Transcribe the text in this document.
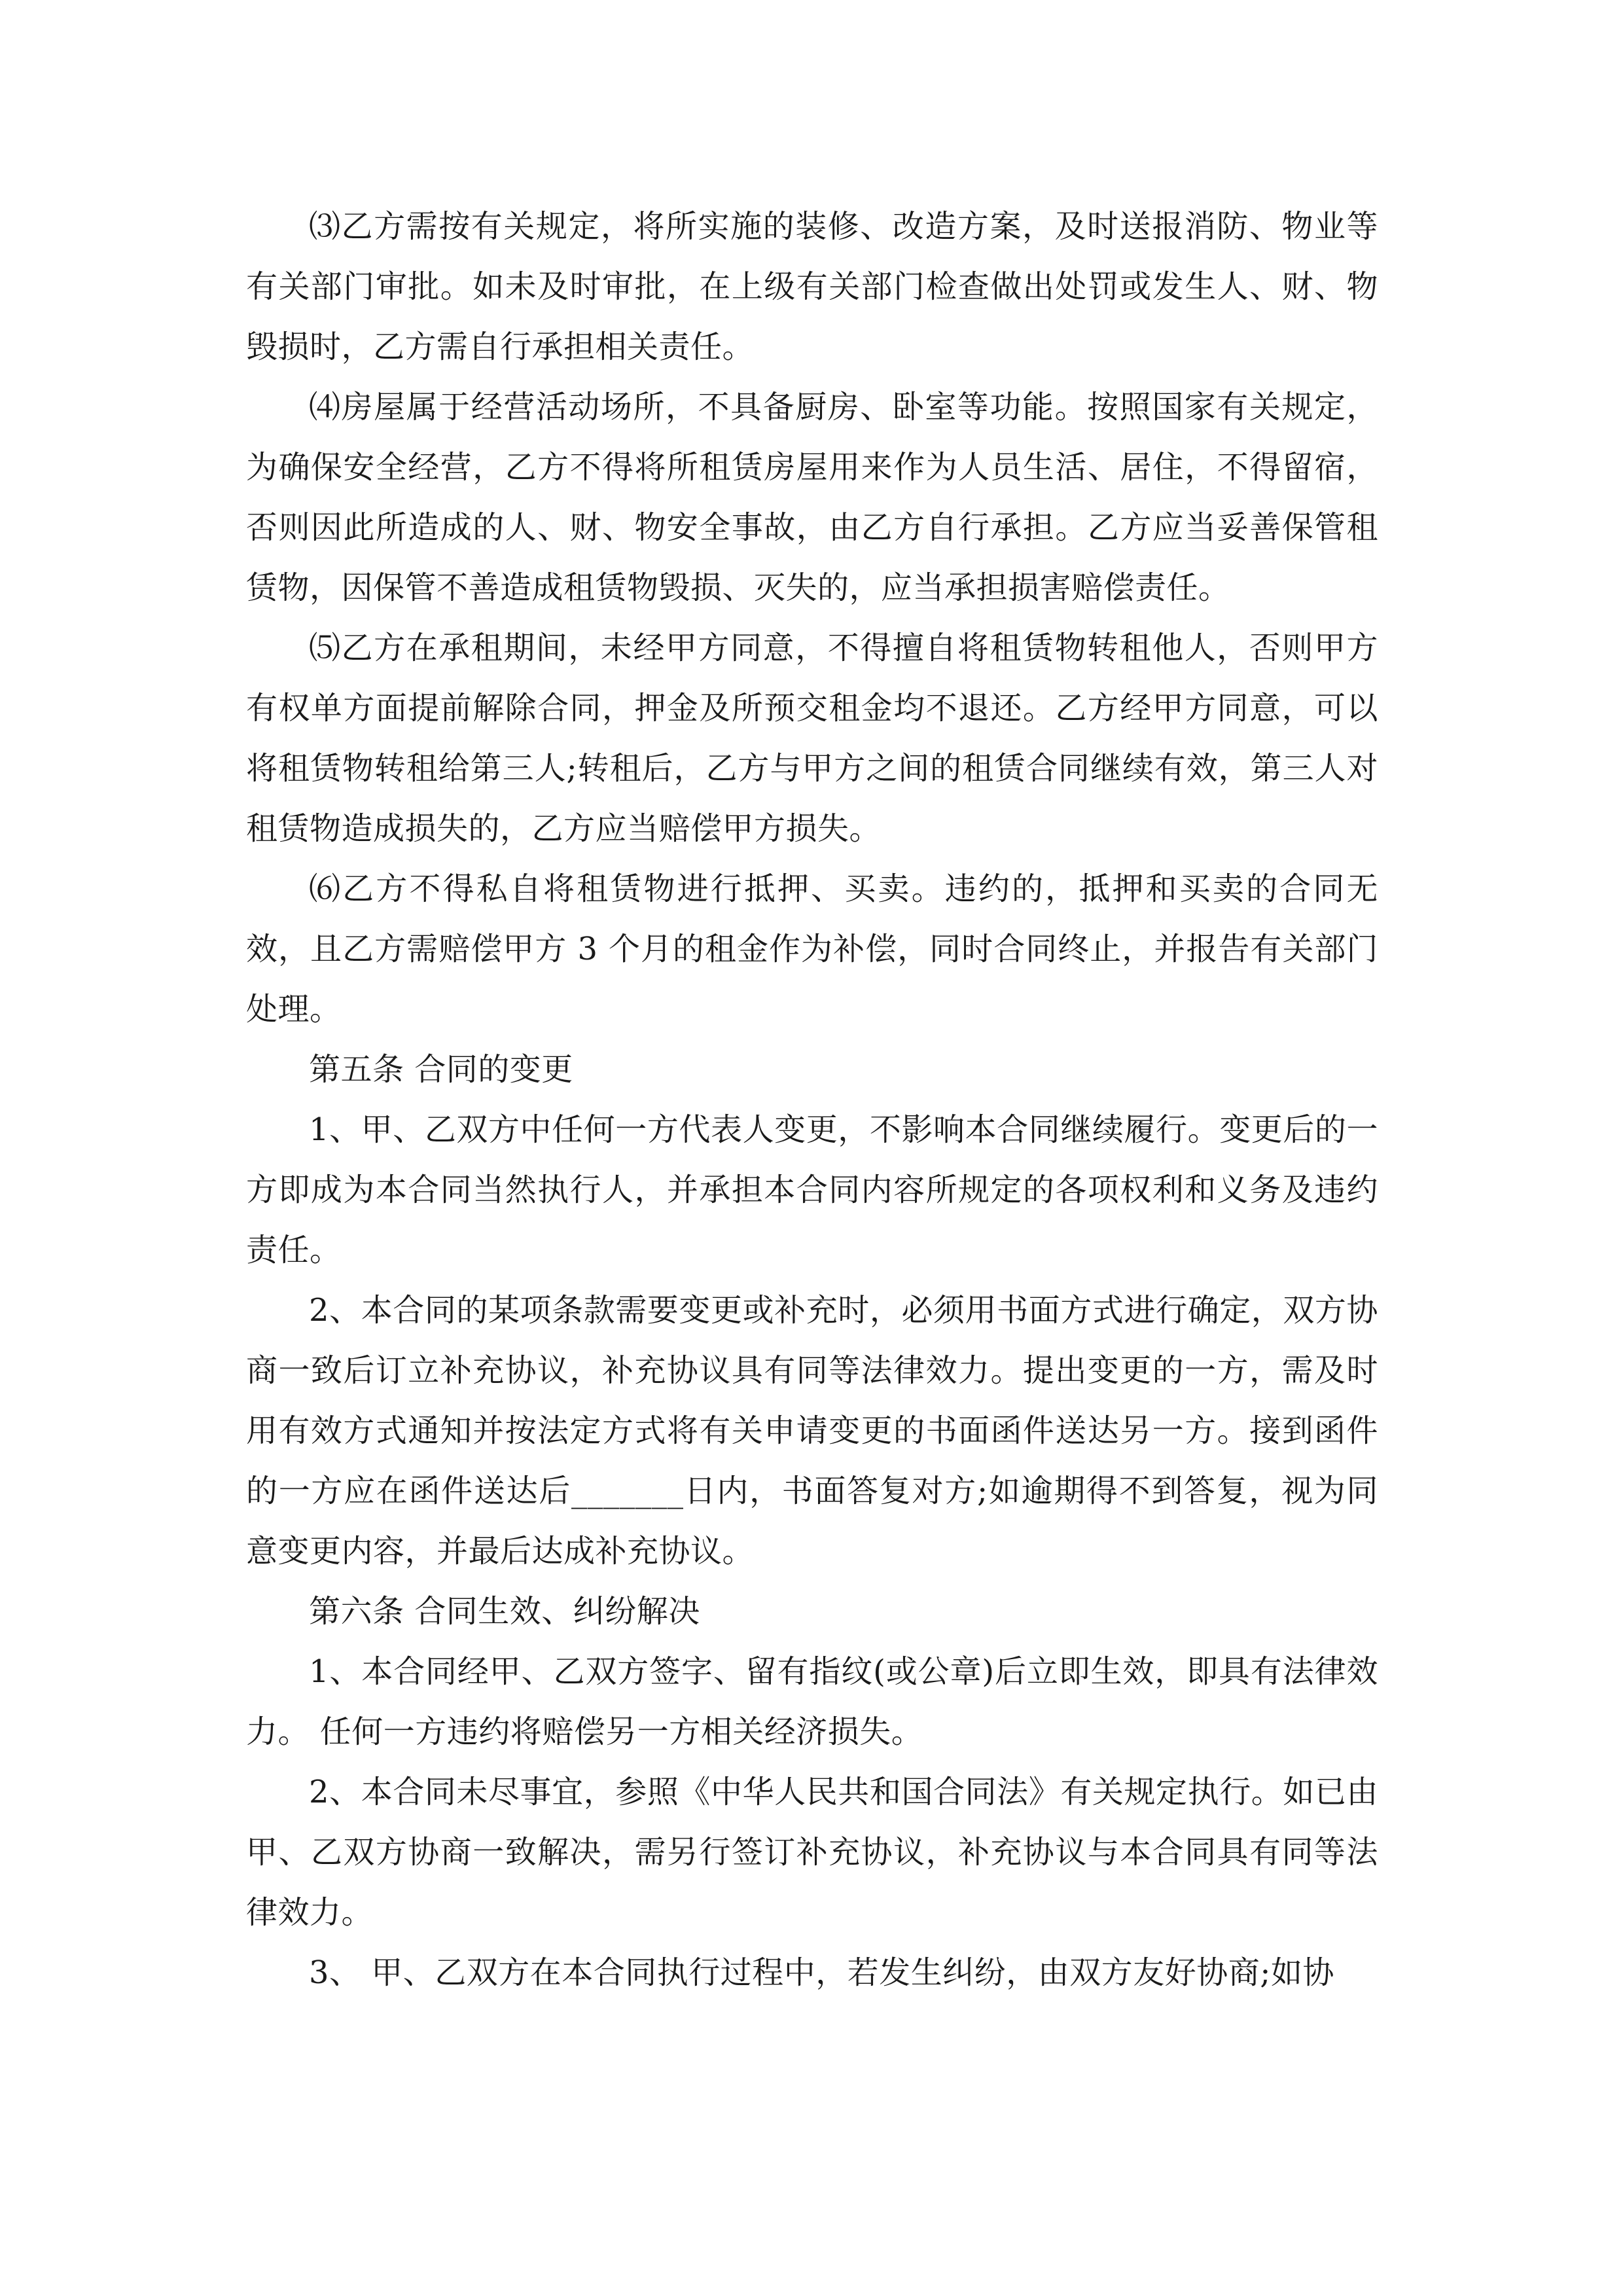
⑶乙方需按有关规定，将所实施的装修、改造方案，及时送报消防、物业等有关部门审批。如未及时审批，在上级有关部门检查做出处罚或发生人、财、物毁损时，乙方需自行承担相关责任。

⑷房屋属于经营活动场所，不具备厨房、卧室等功能。按照国家有关规定，为确保安全经营，乙方不得将所租赁房屋用来作为人员生活、居住，不得留宿，否则因此所造成的人、财、物安全事故，由乙方自行承担。乙方应当妥善保管租赁物，因保管不善造成租赁物毁损、灭失的，应当承担损害赔偿责任。

⑸乙方在承租期间，未经甲方同意，不得擅自将租赁物转租他人，否则甲方有权单方面提前解除合同，押金及所预交租金均不退还。乙方经甲方同意，可以将租赁物转租给第三人;转租后，乙方与甲方之间的租赁合同继续有效，第三人对租赁物造成损失的，乙方应当赔偿甲方损失。

⑹乙方不得私自将租赁物进行抵押、买卖。违约的，抵押和买卖的合同无效，且乙方需赔偿甲方 3 个月的租金作为补偿，同时合同终止，并报告有关部门处理。

第五条 合同的变更

1、甲、乙双方中任何一方代表人变更，不影响本合同继续履行。变更后的一方即成为本合同当然执行人，并承担本合同内容所规定的各项权利和义务及违约责任。

2、本合同的某项条款需要变更或补充时，必须用书面方式进行确定，双方协商一致后订立补充协议，补充协议具有同等法律效力。提出变更的一方，需及时用有效方式通知并按法定方式将有关申请变更的书面函件送达另一方。接到函件的一方应在函件送达后_______日内，书面答复对方;如逾期得不到答复，视为同意变更内容，并最后达成补充协议。

第六条 合同生效、纠纷解决

1、本合同经甲、乙双方签字、留有指纹(或公章)后立即生效，即具有法律效力。 任何一方违约将赔偿另一方相关经济损失。

2、本合同未尽事宜，参照《中华人民共和国合同法》有关规定执行。如已由甲、乙双方协商一致解决，需另行签订补充协议，补充协议与本合同具有同等法律效力。

3、 甲、乙双方在本合同执行过程中，若发生纠纷，由双方友好协商;如协
